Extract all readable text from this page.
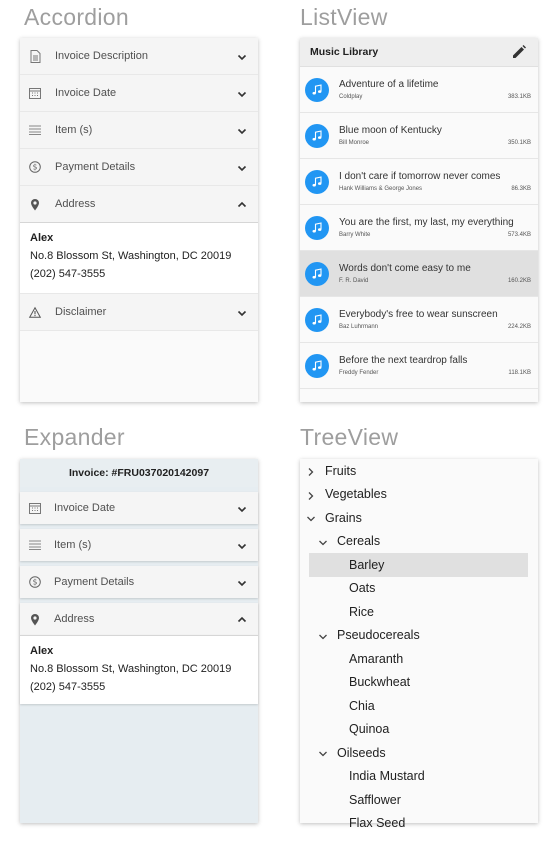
Accordion	ListView
Expander	TreeView
Invoice Description
Invoice Date
Item (s)
$ Payment Details
Address
Alex
No.8 Blossom St, Washington, DC 20019
(202) 547-3555
Disclaimer
Music Library
Adventure of a lifetime
Coldplay	383.1KB
Blue moon of Kentucky
Bill Monroe	350.1KB
I don't care if tomorrow never comes
Hank Williams & George Jones	86.3KB
You are the first, my last, my everything
Barry White	573.4KB
Words don't come easy to me
F. R. David	160.2KB
Everybody's free to wear sunscreen
Baz Luhrmann	224.2KB
Before the next teardrop falls
Freddy Fender	118.1KB
Invoice: #FRU037020142097
Invoice Date
Item (s)
$ Payment Details
Address
Alex
No.8 Blossom St, Washington, DC 20019
(202) 547-3555
Fruits
Vegetables
Grains
Cereals
Barley
Oats
Rice
Pseudocereals
Amaranth
Buckwheat
Chia
Quinoa
Oilseeds
India Mustard
Safflower
Flax Seed
